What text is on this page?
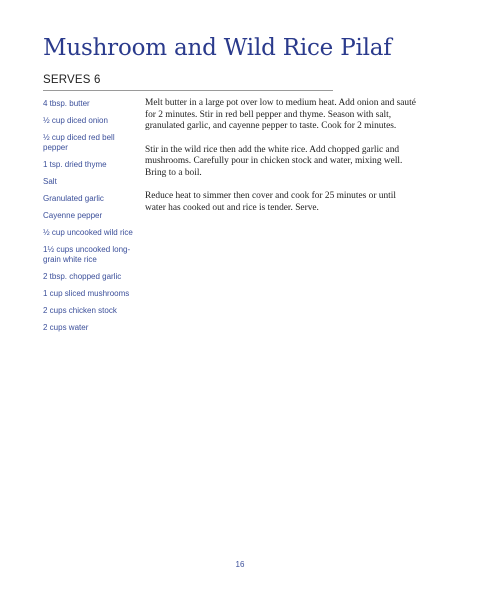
Mushroom and Wild Rice Pilaf
SERVES 6
4 tbsp. butter
½ cup diced onion
½ cup diced red bell pepper
1 tsp. dried thyme
Salt
Granulated garlic
Cayenne pepper
½ cup uncooked wild rice
1½ cups uncooked long-grain white rice
2 tbsp. chopped garlic
1 cup sliced mushrooms
2 cups chicken stock
2 cups water

Melt butter in a large pot over low to medium heat. Add onion and sauté for 2 minutes. Stir in red bell pepper and thyme. Season with salt, granulated garlic, and cayenne pepper to taste. Cook for 2 minutes.

Stir in the wild rice then add the white rice. Add chopped garlic and mushrooms. Carefully pour in chicken stock and water, mixing well. Bring to a boil.

Reduce heat to simmer then cover and cook for 25 minutes or until water has cooked out and rice is tender. Serve.

16
